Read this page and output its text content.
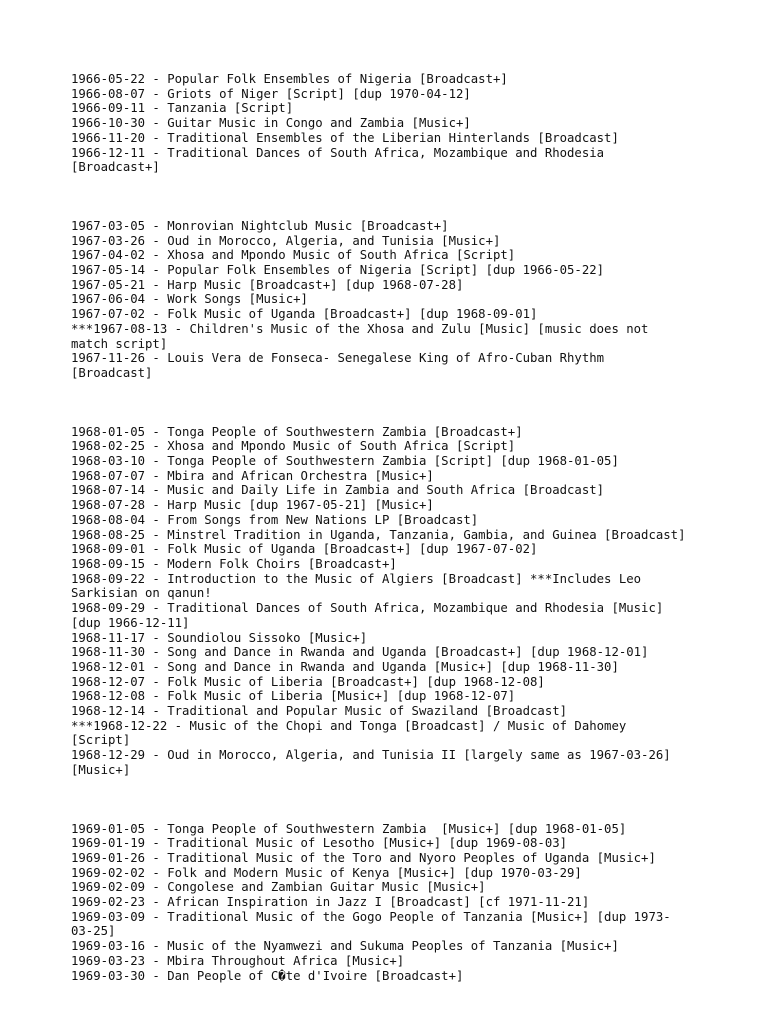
1966-05-22 - Popular Folk Ensembles of Nigeria [Broadcast+]
1966-08-07 - Griots of Niger [Script] [dup 1970-04-12]
1966-09-11 - Tanzania [Script]
1966-10-30 - Guitar Music in Congo and Zambia [Music+]
1966-11-20 - Traditional Ensembles of the Liberian Hinterlands [Broadcast]
1966-12-11 - Traditional Dances of South Africa, Mozambique and Rhodesia
[Broadcast+]
1967-03-05 - Monrovian Nightclub Music [Broadcast+]
1967-03-26 - Oud in Morocco, Algeria, and Tunisia [Music+]
1967-04-02 - Xhosa and Mpondo Music of South Africa [Script]
1967-05-14 - Popular Folk Ensembles of Nigeria [Script] [dup 1966-05-22]
1967-05-21 - Harp Music [Broadcast+] [dup 1968-07-28]
1967-06-04 - Work Songs [Music+]
1967-07-02 - Folk Music of Uganda [Broadcast+] [dup 1968-09-01]
***1967-08-13 - Children's Music of the Xhosa and Zulu [Music] [music does not
match script]
1967-11-26 - Louis Vera de Fonseca- Senegalese King of Afro-Cuban Rhythm
[Broadcast]
1968-01-05 - Tonga People of Southwestern Zambia [Broadcast+]
1968-02-25 - Xhosa and Mpondo Music of South Africa [Script]
1968-03-10 - Tonga People of Southwestern Zambia [Script] [dup 1968-01-05]
1968-07-07 - Mbira and African Orchestra [Music+]
1968-07-14 - Music and Daily Life in Zambia and South Africa [Broadcast]
1968-07-28 - Harp Music [dup 1967-05-21] [Music+]
1968-08-04 - From Songs from New Nations LP [Broadcast]
1968-08-25 - Minstrel Tradition in Uganda, Tanzania, Gambia, and Guinea [Broadcast]
1968-09-01 - Folk Music of Uganda [Broadcast+] [dup 1967-07-02]
1968-09-15 - Modern Folk Choirs [Broadcast+]
1968-09-22 - Introduction to the Music of Algiers [Broadcast] ***Includes Leo
Sarkisian on qanun!
1968-09-29 - Traditional Dances of South Africa, Mozambique and Rhodesia [Music]
[dup 1966-12-11]
1968-11-17 - Soundiolou Sissoko [Music+]
1968-11-30 - Song and Dance in Rwanda and Uganda [Broadcast+] [dup 1968-12-01]
1968-12-01 - Song and Dance in Rwanda and Uganda [Music+] [dup 1968-11-30]
1968-12-07 - Folk Music of Liberia [Broadcast+] [dup 1968-12-08]
1968-12-08 - Folk Music of Liberia [Music+] [dup 1968-12-07]
1968-12-14 - Traditional and Popular Music of Swaziland [Broadcast]
***1968-12-22 - Music of the Chopi and Tonga [Broadcast] / Music of Dahomey
[Script]
1968-12-29 - Oud in Morocco, Algeria, and Tunisia II [largely same as 1967-03-26]
[Music+]
1969-01-05 - Tonga People of Southwestern Zambia  [Music+] [dup 1968-01-05]
1969-01-19 - Traditional Music of Lesotho [Music+] [dup 1969-08-03]
1969-01-26 - Traditional Music of the Toro and Nyoro Peoples of Uganda [Music+]
1969-02-02 - Folk and Modern Music of Kenya [Music+] [dup 1970-03-29]
1969-02-09 - Congolese and Zambian Guitar Music [Music+]
1969-02-23 - African Inspiration in Jazz I [Broadcast] [cf 1971-11-21]
1969-03-09 - Traditional Music of the Gogo People of Tanzania [Music+] [dup 1973-
03-25]
1969-03-16 - Music of the Nyamwezi and Sukuma Peoples of Tanzania [Music+]
1969-03-23 - Mbira Throughout Africa [Music+]
1969-03-30 - Dan People of C�te d'Ivoire [Broadcast+]
